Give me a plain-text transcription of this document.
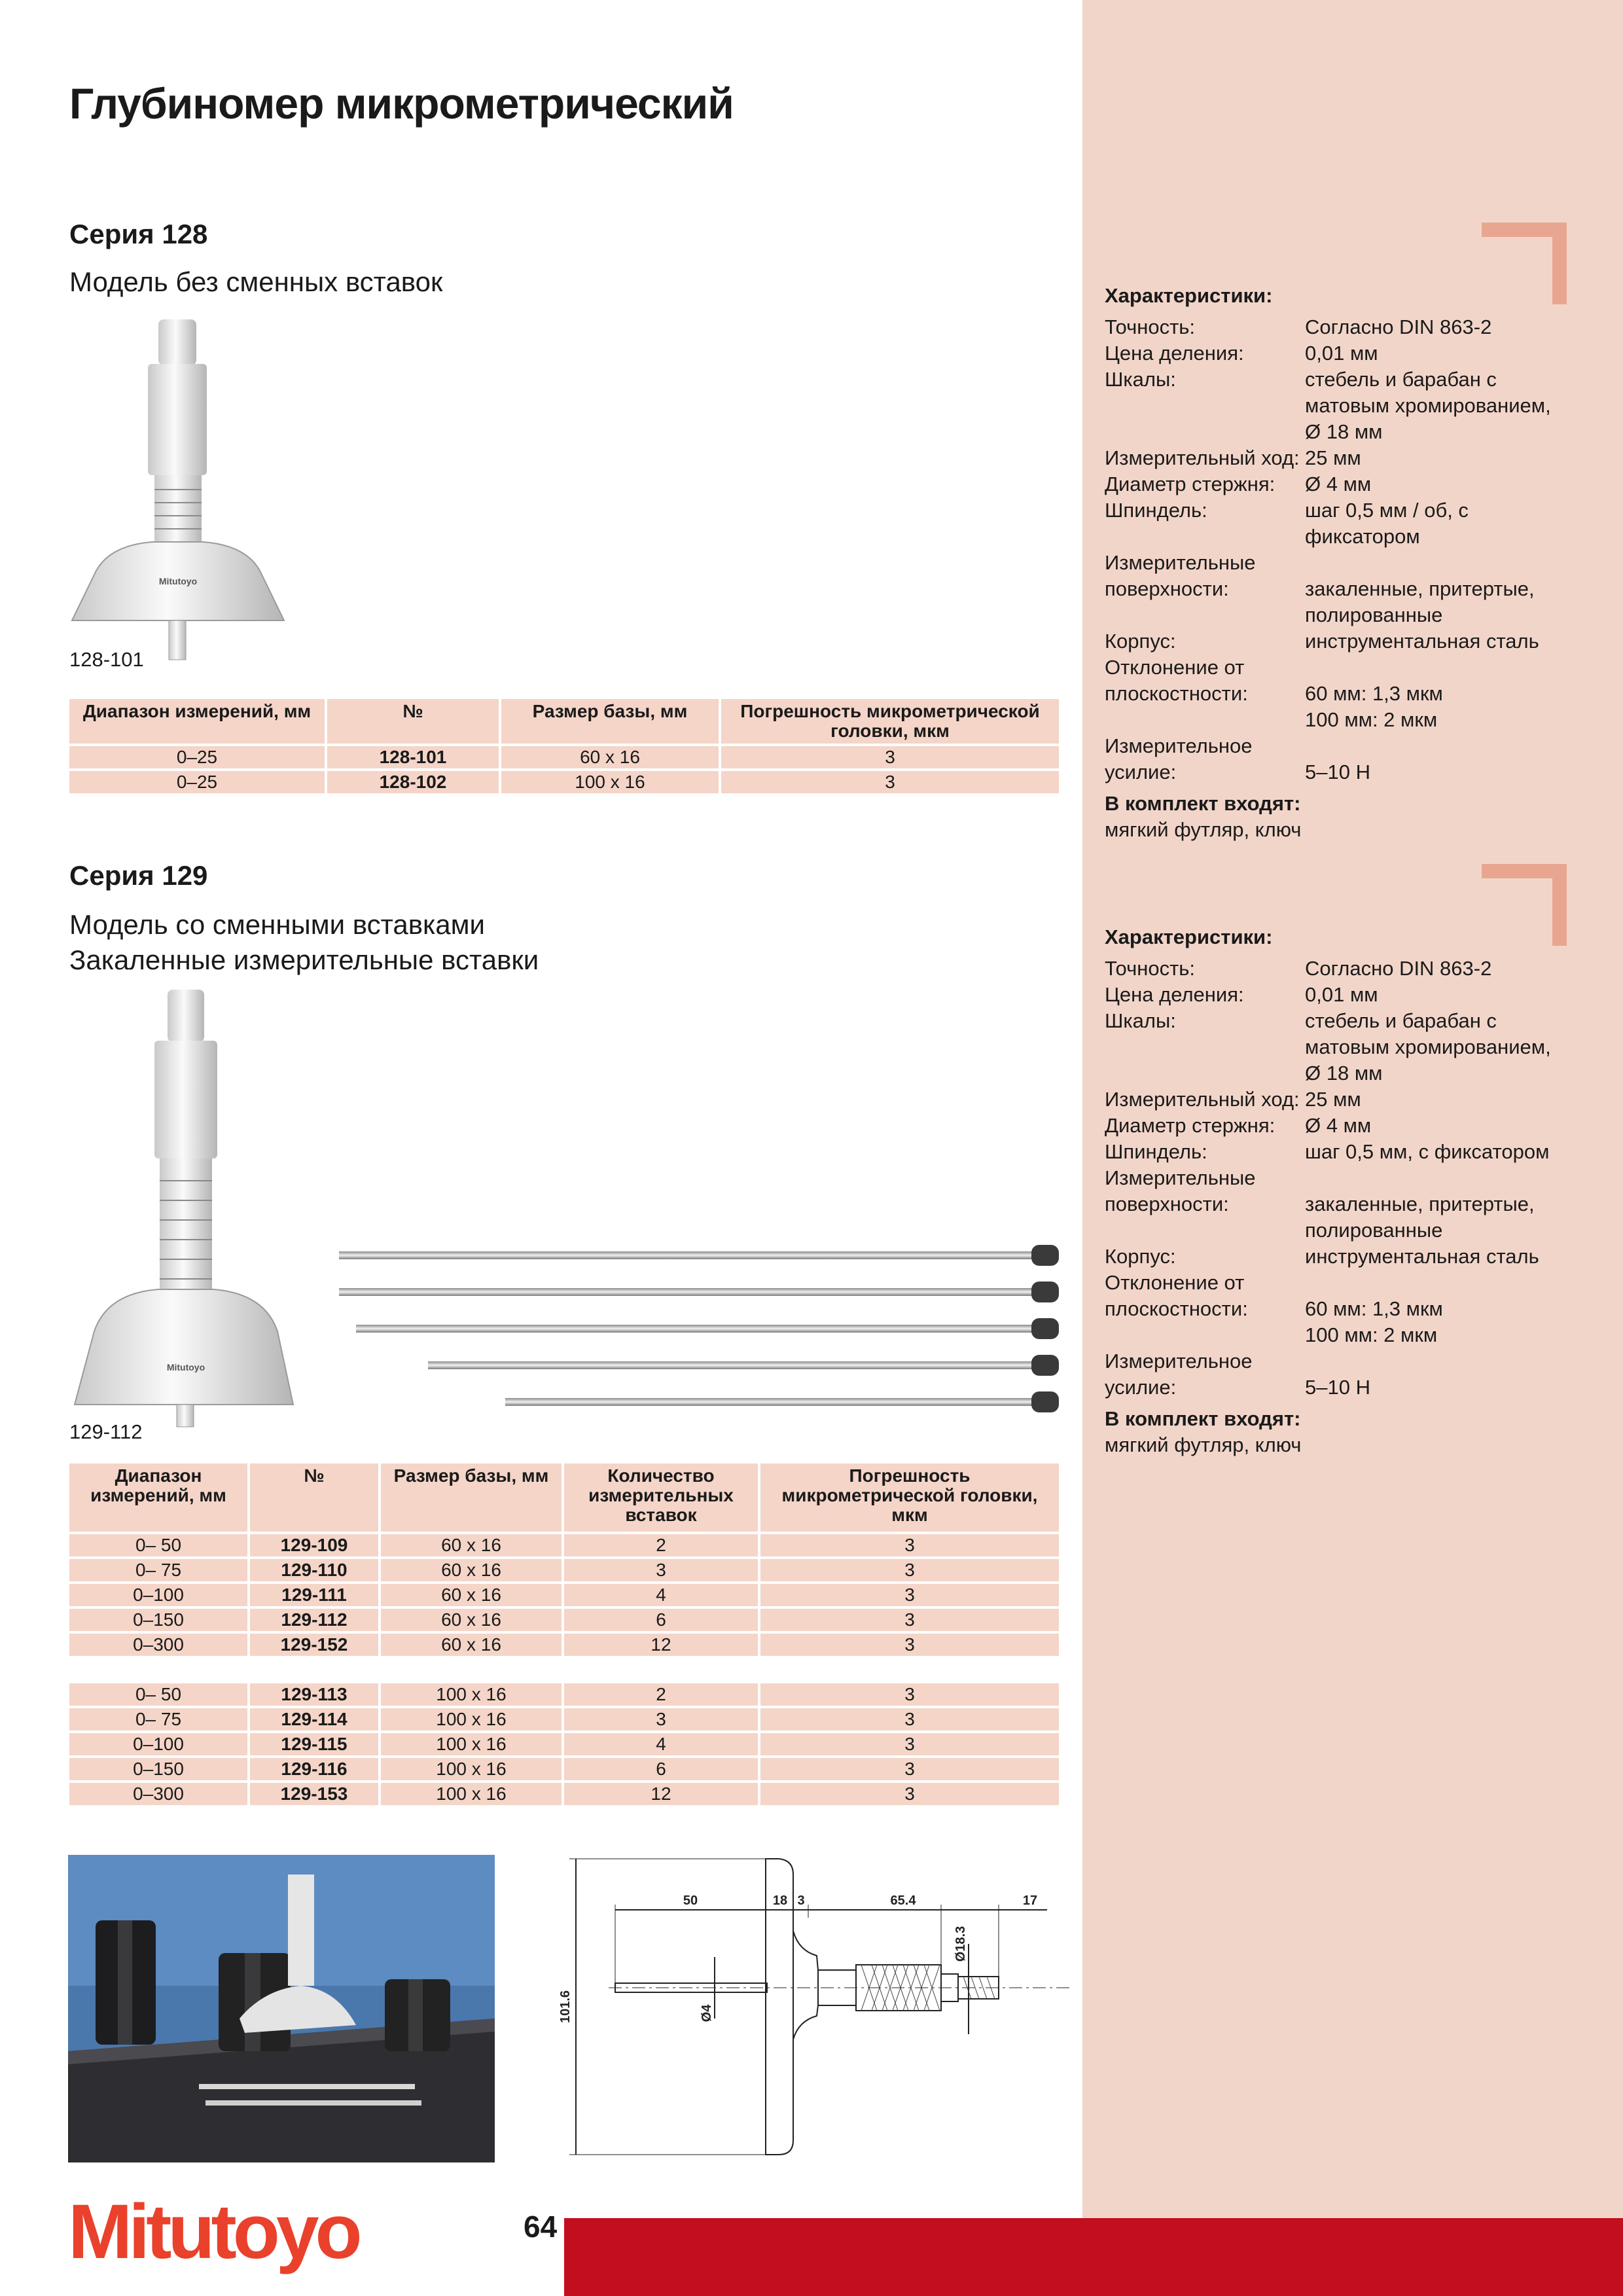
Глубиномер микрометрический
Серия 128
Модель без сменных вставок
Mitutoyo
128-101
Диапазон измерений, мм	№	Размер базы, мм	Погрешность микрометрической головки, мкм
0–25	128-101	60 x 16	3
0–25	128-102	100 x 16	3
Серия 129
Модель со сменными вставками
Закаленные измерительные вставки
Mitutoyo
129-112
Диапазон измерений, мм	№	Размер базы, мм	Количество измерительных вставок	Погрешность микрометрической головки, мкм
0– 50	129-109	60 x 16	2	3
0– 75	129-110	60 x 16	3	3
0–100	129-111	60 x 16	4	3
0–150	129-112	60 x 16	6	3
0–300	129-152	60 x 16	12	3

0– 50	129-113	100 x 16	2	3
0– 75	129-114	100 x 16	3	3
0–100	129-115	100 x 16	4	3
0–150	129-116	100 x 16	6	3
0–300	129-153	100 x 16	12	3
50	18 3	65.4	17
Ø18.3
Ø4
101.6
Характеристики:
Точность:	Согласно DIN 863-2
Цена деления:	0,01 мм
Шкалы:	стебель и барабан с матовым хромированием, Ø 18 мм
Измерительный ход: 25 мм
Диаметр стержня:	Ø 4 мм
Шпиндель:	шаг 0,5 мм / об, с фиксатором
Измерительные поверхности:	закаленные, притертые, полированные
Корпус:	инструментальная сталь
Отклонение от плоскостности:	60 мм: 1,3 мкм
100 мм: 2 мкм
Измерительное усилие:	5–10 Н
В комплект входят:
мягкий футляр, ключ
Характеристики:
Точность:	Согласно DIN 863-2
Цена деления:	0,01 мм
Шкалы:	стебель и барабан с матовым хромированием, Ø 18 мм
Измерительный ход: 25 мм
Диаметр стержня:	Ø 4 мм
Шпиндель:	шаг 0,5 мм, с фиксатором
Измерительные поверхности:	закаленные, притертые, полированные
Корпус:	инструментальная сталь
Отклонение от плоскостности:	60 мм: 1,3 мкм
100 мм: 2 мкм
Измерительное усилие:	5–10 Н
В комплект входят:
мягкий футляр, ключ
64
Mitutoyo
